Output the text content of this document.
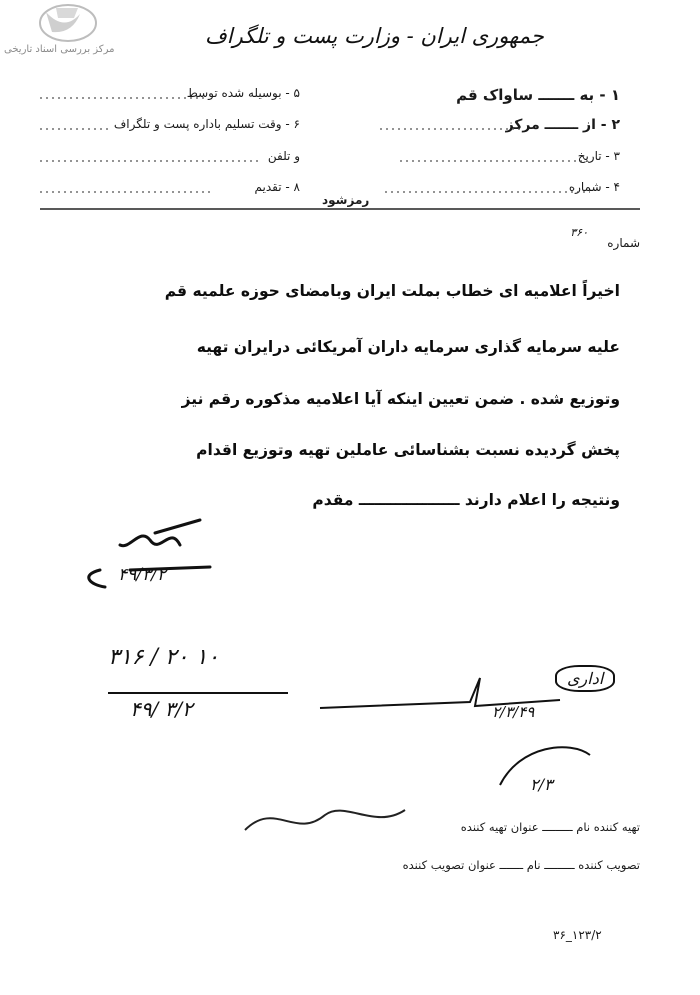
مرکز بررسی اسناد تاریخی
جمهوری ایران - وزارت پست و تلگراف
۱ - به ـــــــ ساواک قم
۲ - از ـــــــ مرکز
۳ - تاریخ
۴ - شماره
۵ - بوسیله شده توسط
۶ - وقت تسلیم باداره پست و تلگراف
و تلفن
۸ - تقدیم
رمزشود
شماره
۳۶۰
اخیراً اعلامیه ای خطاب بملت ایران وبامضای حوزه علمیه قم
علیه سرمایه گذاری سرمایه داران آمریکائی درایران تهیه
وتوزیع شده . ضمن تعیین اینکه آیا اعلامیه مذکوره رقم نیز
پخش گردیده نسبت بشناسائی عاملین تهیه وتوزیع اقدام
ونتیجه را اعلام دارند ـــــــــــــــــــ مقدم
۴۹/۳/۲
۳۱۶ / ۲۰ ۱۰
۴۹/ ۳/۲
اداری
۲/۳/۴۹
۲/۳
تهیه کننده نام ـــــــــ عنوان تهیه کننده
تصویب کننده ـــــــــ نام ـــــــ عنوان تصویب کننده
۳۶_۱۲۳/۲
